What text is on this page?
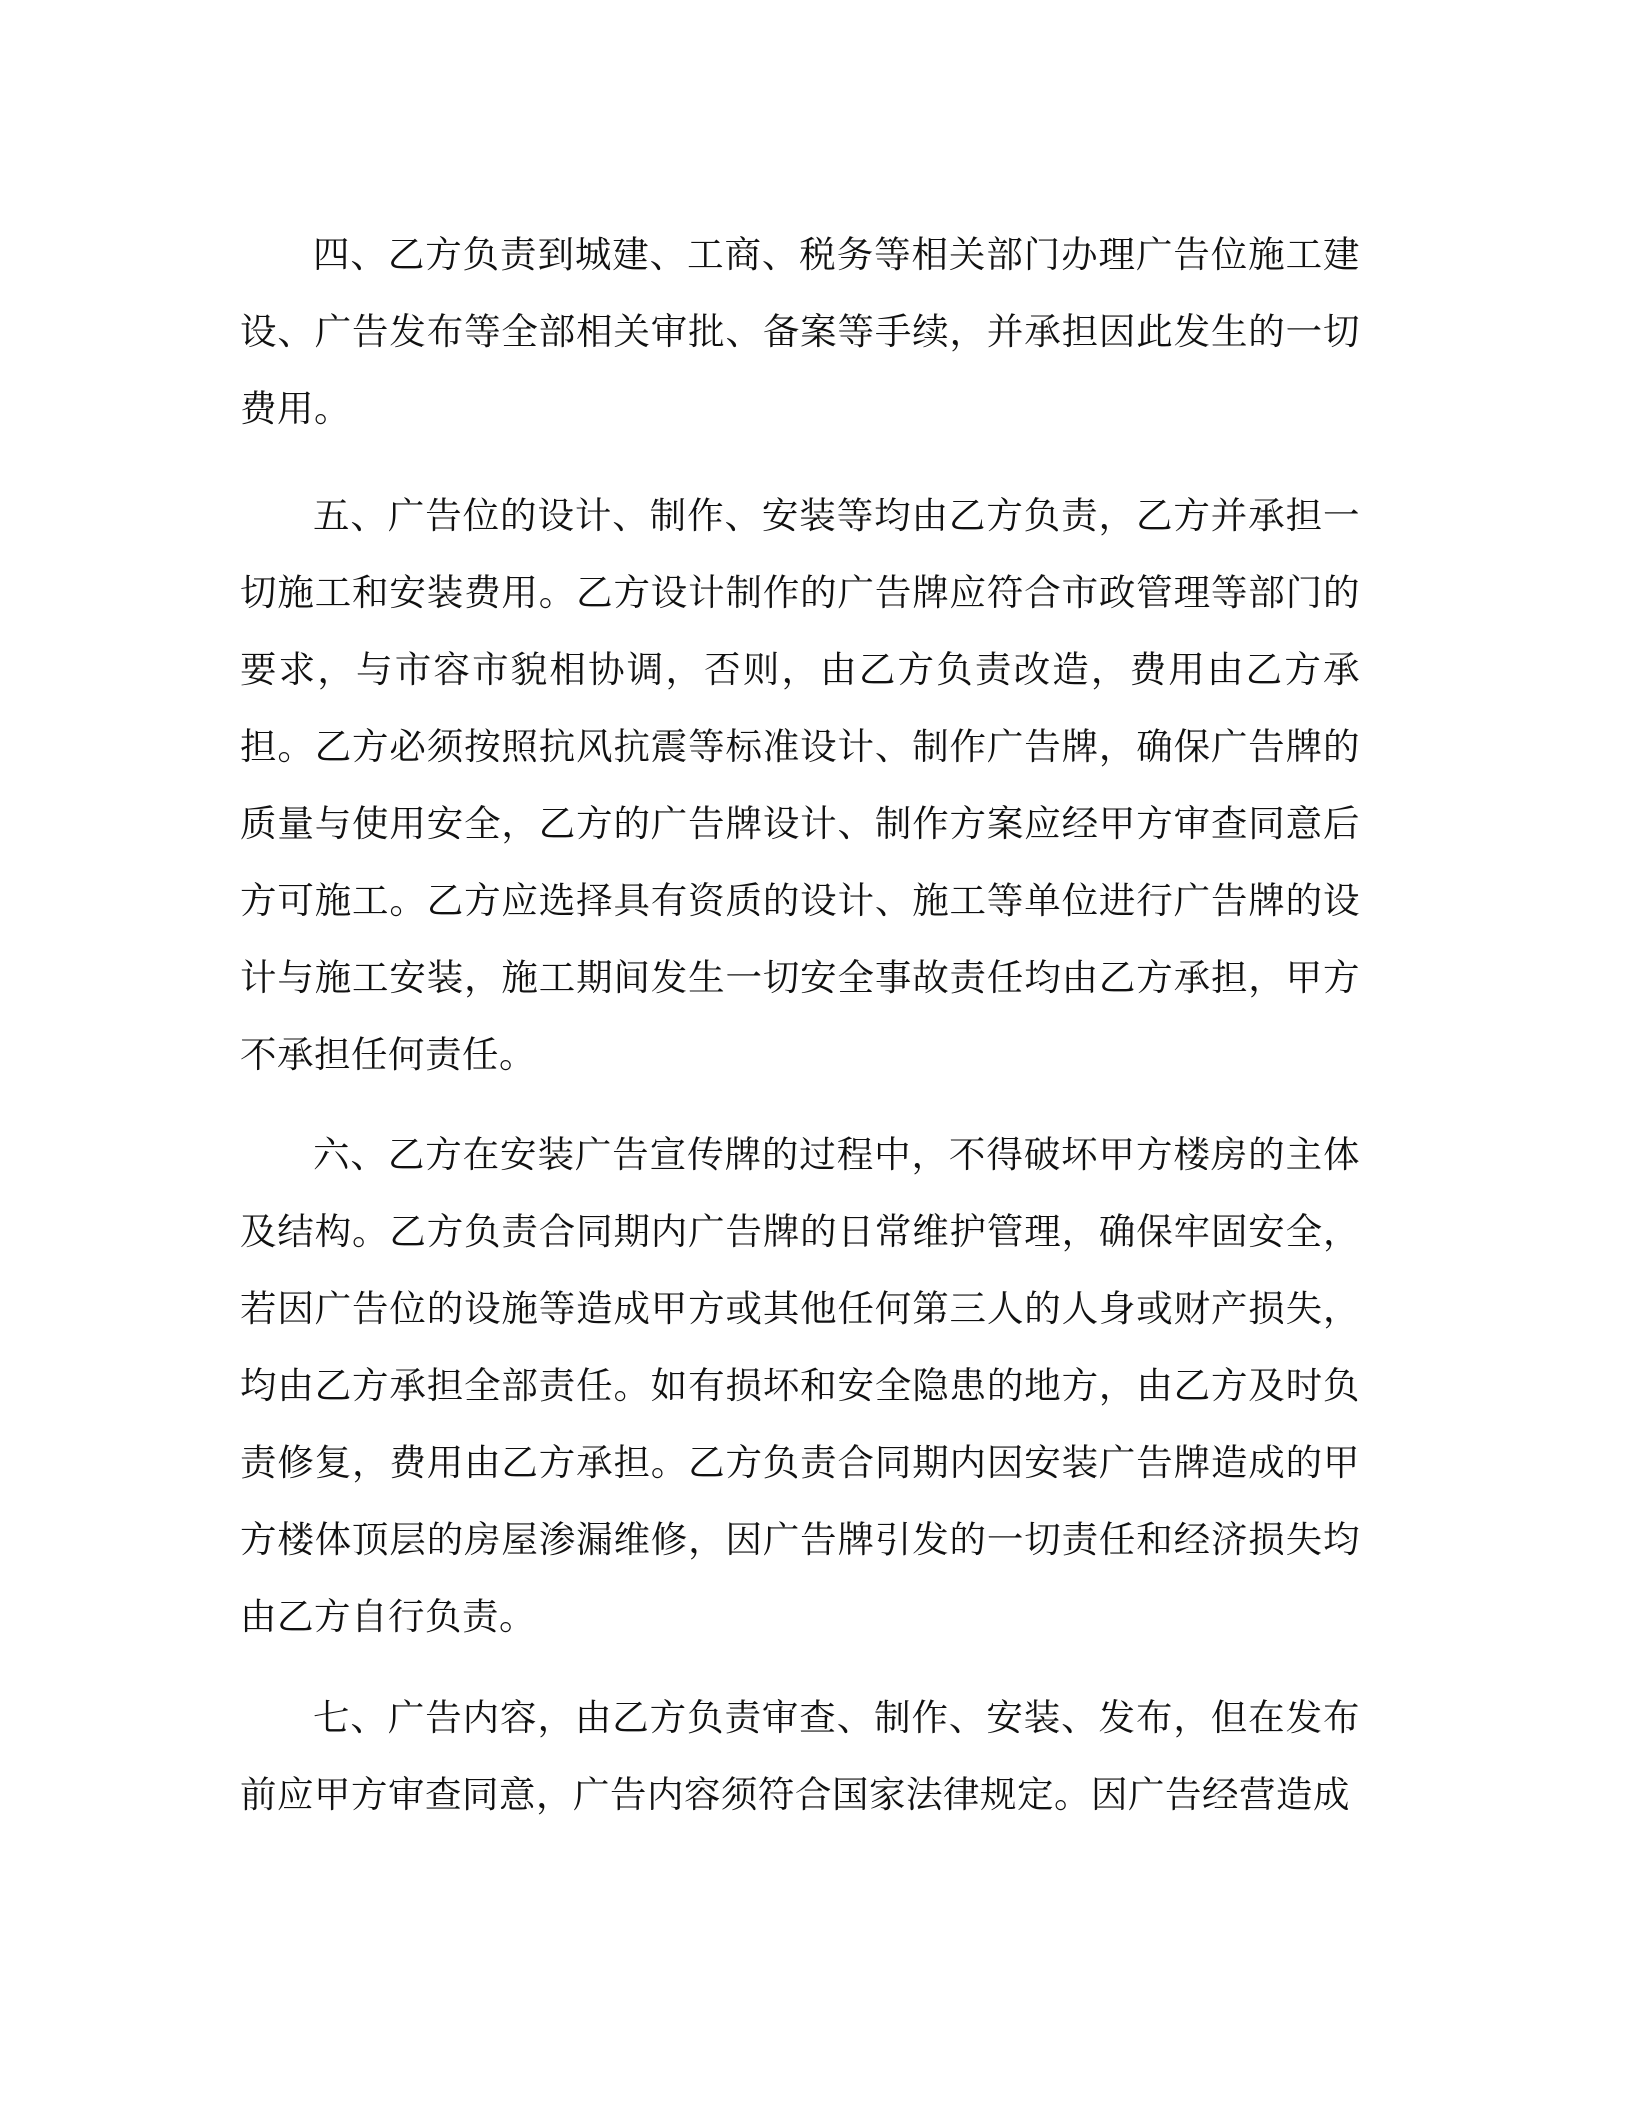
四、乙方负责到城建、工商、税务等相关部门办理广告位施工建设、广告发布等全部相关审批、备案等手续，并承担因此发生的一切费用。

五、广告位的设计、制作、安装等均由乙方负责，乙方并承担一切施工和安装费用。乙方设计制作的广告牌应符合市政管理等部门的要求，与市容市貌相协调，否则，由乙方负责改造，费用由乙方承担。乙方必须按照抗风抗震等标准设计、制作广告牌，确保广告牌的质量与使用安全，乙方的广告牌设计、制作方案应经甲方审查同意后方可施工。乙方应选择具有资质的设计、施工等单位进行广告牌的设计与施工安装，施工期间发生一切安全事故责任均由乙方承担，甲方不承担任何责任。

六、乙方在安装广告宣传牌的过程中，不得破坏甲方楼房的主体及结构。乙方负责合同期内广告牌的日常维护管理，确保牢固安全，若因广告位的设施等造成甲方或其他任何第三人的人身或财产损失，均由乙方承担全部责任。如有损坏和安全隐患的地方，由乙方及时负责修复，费用由乙方承担。乙方负责合同期内因安装广告牌造成的甲方楼体顶层的房屋渗漏维修，因广告牌引发的一切责任和经济损失均由乙方自行负责。

七、广告内容，由乙方负责审查、制作、安装、发布，但在发布前应甲方审查同意，广告内容须符合国家法律规定。因广告经营造成
